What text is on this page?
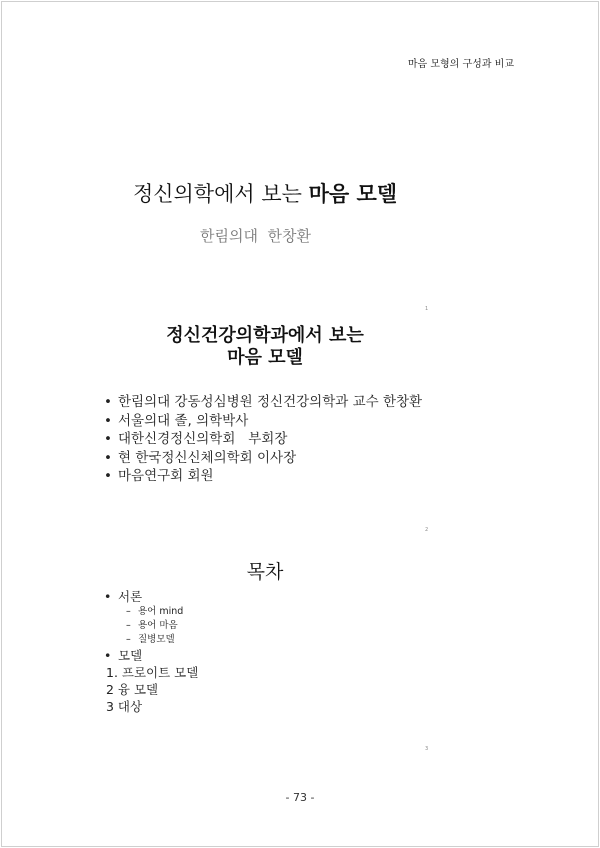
마음 모형의 구성과 비교
정신의학에서 보는 마음 모델
한림의대  한창환
1
정신건강의학과에서 보는
마음 모델
• 한림의대 강동성심병원 정신건강의학과 교수 한창환
• 서울의대 졸, 의학박사
• 대한신경정신의학회   부회장
• 현 한국정신신체의학회 이사장
• 마음연구회 회원
2
목차
• 서론
– 용어 mind
– 용어 마음
– 질병모델
• 모델
1. 프로이트 모델
2 융 모델
3 대상
3
- 73 -
